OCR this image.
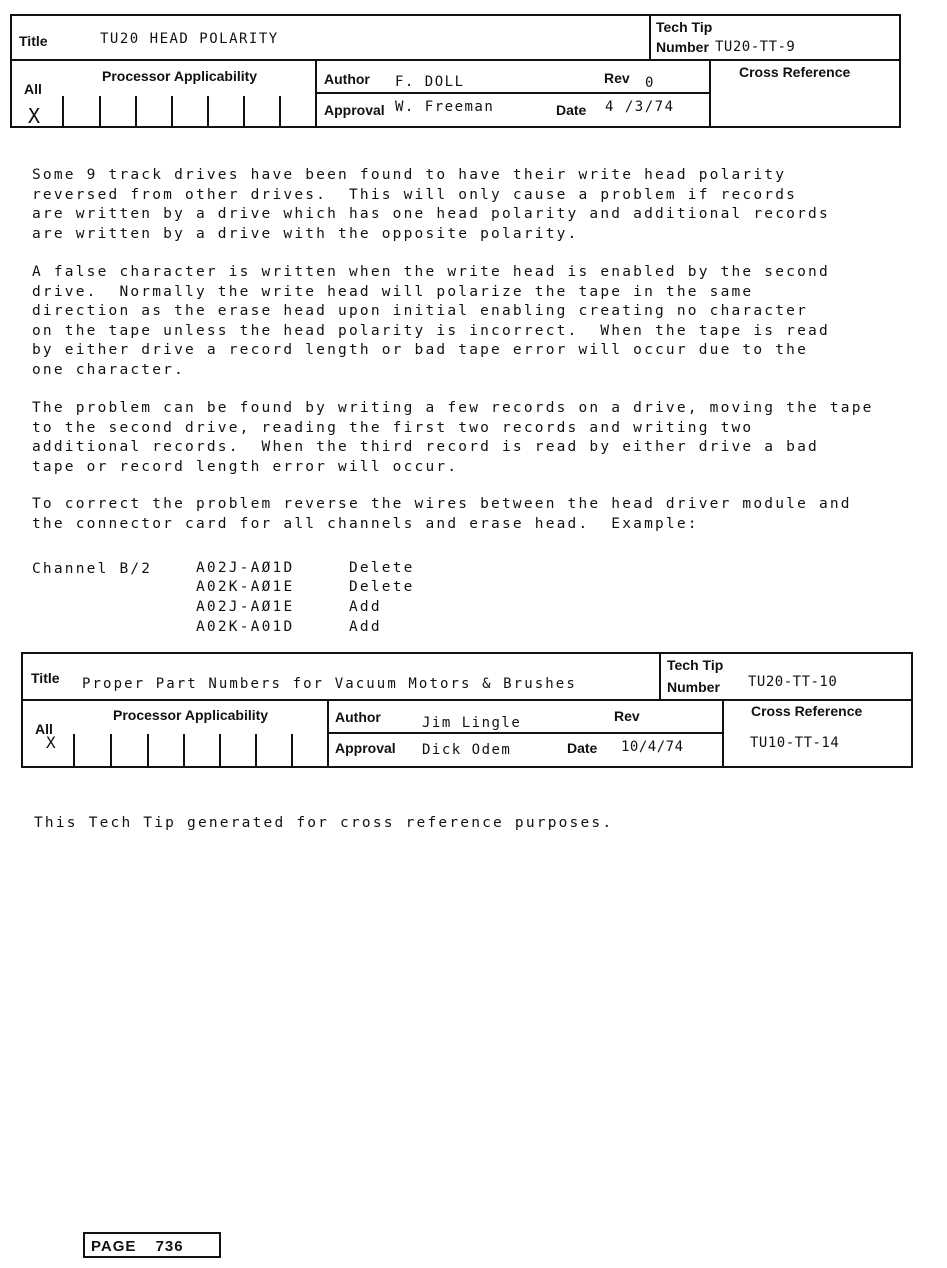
Title	TU20 HEAD POLARITY
Tech Tip
Number TU20-TT-9
All
X
Processor Applicability	Author F. DOLL	Rev 0
Cross Reference
Approval W. Freeman	Date 4 /3/74
Some 9 track drives have been found to have their write head polarity
reversed from other drives.  This will only cause a problem if records
are written by a drive which has one head polarity and additional records
are written by a drive with the opposite polarity.
A false character is written when the write head is enabled by the second
drive.  Normally the write head will polarize the tape in the same
direction as the erase head upon initial enabling creating no character
on the tape unless the head polarity is incorrect.  When the tape is read
by either drive a record length or bad tape error will occur due to the
one character.
The problem can be found by writing a few records on a drive, moving the tape
to the second drive, reading the first two records and writing two
additional records.  When the third record is read by either drive a bad
tape or record length error will occur.
To correct the problem reverse the wires between the head driver module and
the connector card for all channels and erase head.  Example:
Channel B/2	A02J-AØ1D	Delete
A02K-AØ1E	Delete
A02J-AØ1E	Add
A02K-A01D	Add
Title Proper Part Numbers for Vacuum Motors & Brushes
Tech Tip
Number TU20-TT-10
All
X
Processor Applicability	Author	Jim Lingle	Rev	Cross Reference
TU10-TT-14
Approval Dick Odem	Date 10/4/74
This Tech Tip generated for cross reference purposes.
PAGE 736
